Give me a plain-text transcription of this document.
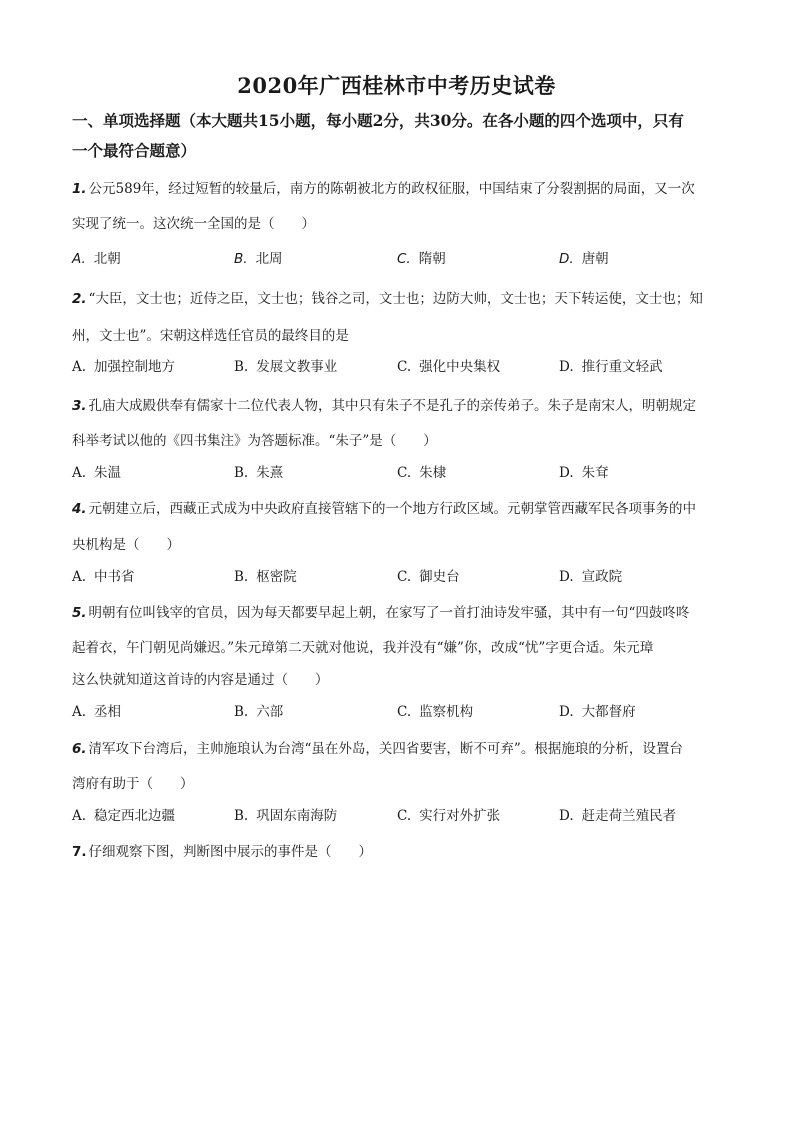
2020年广西桂林市中考历史试卷
一、单项选择题（本大题共15小题，每小题2分，共30分。在各小题的四个选项中，只有
一个最符合题意）
1. 公元589年，经过短暂的较量后，南方的陈朝被北方的政权征服，中国结束了分裂割据的局面，又一次
实现了统一。这次统一全国的是（　　）
A. 北朝	B. 北周	C. 隋朝	D. 唐朝
2. “大臣，文士也；近侍之臣，文士也；钱谷之司，文士也；边防大帅，文士也；天下转运使，文士也；知
州，文士也”。宋朝这样选任官员的最终目的是
A. 加强控制地方	B. 发展文教事业	C. 强化中央集权	D. 推行重文轻武
3. 孔庙大成殿供奉有儒家十二位代表人物，其中只有朱子不是孔子的亲传弟子。朱子是南宋人，明朝规定
科举考试以他的《四书集注》为答题标准。“朱子”是（　　）
A. 朱温	B. 朱熹	C. 朱棣	D. 朱耷
4. 元朝建立后，西藏正式成为中央政府直接管辖下的一个地方行政区域。元朝掌管西藏军民各项事务的中
央机构是（　　）
A. 中书省	B. 枢密院	C. 御史台	D. 宣政院
5. 明朝有位叫钱宰的官员，因为每天都要早起上朝，在家写了一首打油诗发牢骚，其中有一句“四鼓咚咚
起着衣，午门朝见尚嫌迟。”朱元璋第二天就对他说，我并没有“嫌”你，改成“忧”字更合适。朱元璋
这么快就知道这首诗的内容是通过（　　）
A. 丞相	B. 六部	C. 监察机构	D. 大都督府
6. 清军攻下台湾后，主帅施琅认为台湾“虽在外岛，关四省要害，断不可弃”。根据施琅的分析，设置台
湾府有助于（　　）
A. 稳定西北边疆	B. 巩固东南海防	C. 实行对外扩张	D. 赶走荷兰殖民者
7. 仔细观察下图，判断图中展示的事件是（　　）
